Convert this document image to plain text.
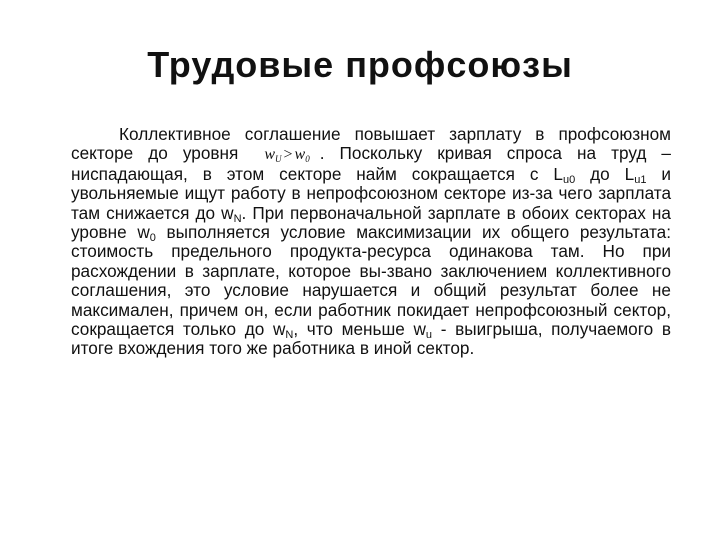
Трудовые профсоюзы

Коллективное соглашение повышает зарплату в профсоюзном секторе до уровня $w_U > w_0$ . Поскольку кривая спроса на труд – ниспадающая, в этом секторе найм сокращается с $L_{u0}$ до $L_{u1}$ и увольняемые ищут работу в непрофсоюзном секторе из-за чего зарплата там снижается до $w_N$. При первоначальной зарплате в обоих секторах на уровне $w_0$ выполняется условие максимизации их общего результата: стоимость предельного продукта-ресурса одинакова там. Но при расхождении в зарплате, которое вы-звано заключением коллективного соглашения, это условие нарушается и общий результат более не максимален, причем он, если работник покидает непрофсоюзный сектор, сокращается только до $w_N$, что меньше $w_u$ - выигрыша, получаемого в итоге вхождения того же работника в иной сектор.
